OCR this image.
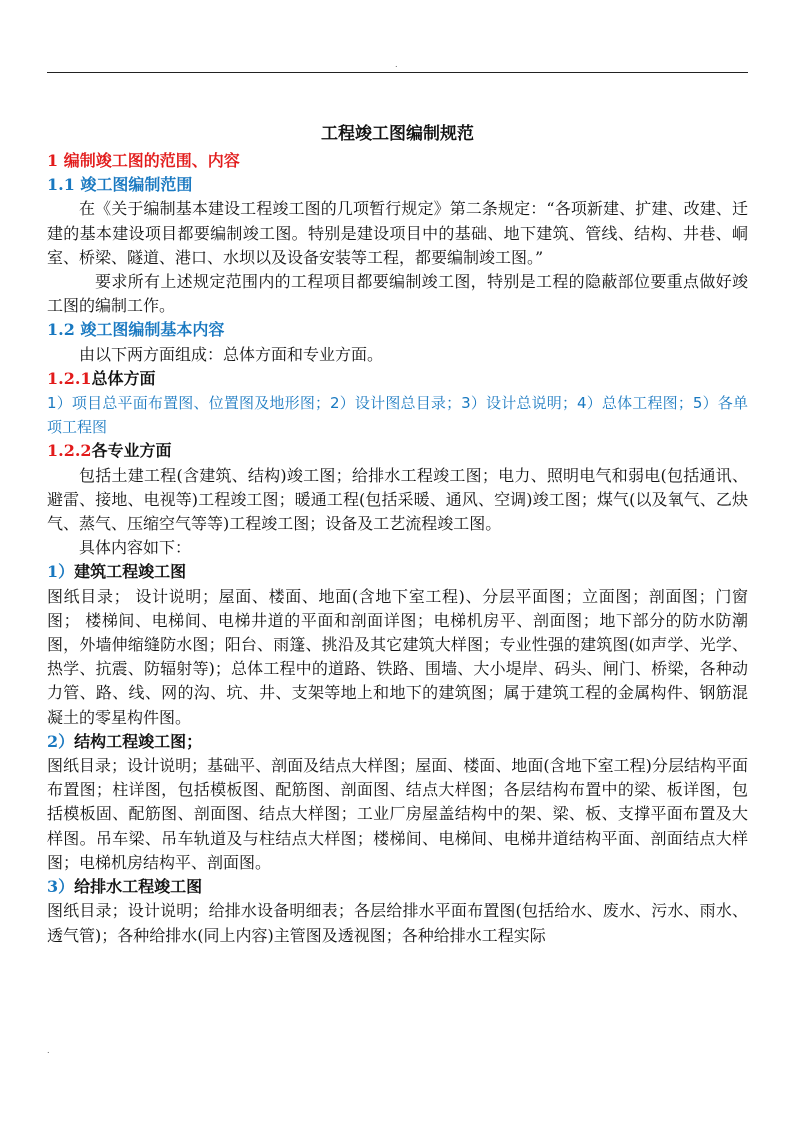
.
工程竣工图编制规范
1 编制竣工图的范围、内容
1.1 竣工图编制范围

在《关于编制基本建设工程竣工图的几项暂行规定》第二条规定：“各项新建、扩建、改建、迁建的基本建设项目都要编制竣工图。特别是建设项目中的基础、地下建筑、管线、结构、井巷、峒室、桥梁、隧道、港口、水坝以及设备安装等工程，都要编制竣工图。”

要求所有上述规定范围内的工程项目都要编制竣工图，特别是工程的隐蔽部位要重点做好竣工图的编制工作。

1.2 竣工图编制基本内容

由以下两方面组成：总体方面和专业方面。

1.2.1总体方面

1）项目总平面布置图、位置图及地形图；2）设计图总目录；3）设计总说明；4）总体工程图；5）各单项工程图

1.2.2各专业方面

包括土建工程(含建筑、结构)竣工图；给排水工程竣工图；电力、照明电气和弱电(包括通讯、避雷、接地、电视等)工程竣工图；暖通工程(包括采暖、通风、空调)竣工图；煤气(以及氧气、乙炔气、蒸气、压缩空气等等)工程竣工图；设备及工艺流程竣工图。

具体内容如下：

1）建筑工程竣工图

图纸目录； 设计说明；屋面、楼面、地面(含地下室工程)、分层平面图；立面图；剖面图；门窗图； 楼梯间、电梯间、电梯井道的平面和剖面详图；电梯机房平、剖面图；地下部分的防水防潮图，外墙伸缩缝防水图；阳台、雨篷、挑沿及其它建筑大样图；专业性强的建筑图(如声学、光学、热学、抗震、防辐射等)；总体工程中的道路、铁路、围墙、大小堤岸、码头、闸门、桥梁，各种动力管、路、线、网的沟、坑、井、支架等地上和地下的建筑图；属于建筑工程的金属构件、钢筋混凝土的零星构件图。

2）结构工程竣工图；

图纸目录；设计说明；基础平、剖面及结点大样图；屋面、楼面、地面(含地下室工程)分层结构平面布置图；柱详图，包括模板图、配筋图、剖面图、结点大样图；各层结构布置中的梁、板详图，包括模板固、配筋图、剖面图、结点大样图；工业厂房屋盖结构中的架、梁、板、支撑平面布置及大样图。吊车梁、吊车轨道及与柱结点大样图；楼梯间、电梯间、电梯井道结构平面、剖面结点大样图；电梯机房结构平、剖面图。

3）给排水工程竣工图

图纸目录；设计说明；给排水设备明细表；各层给排水平面布置图(包括给水、废水、污水、雨水、透气管)；各种给排水(同上内容)主管图及透视图；各种给排水工程实际

.
